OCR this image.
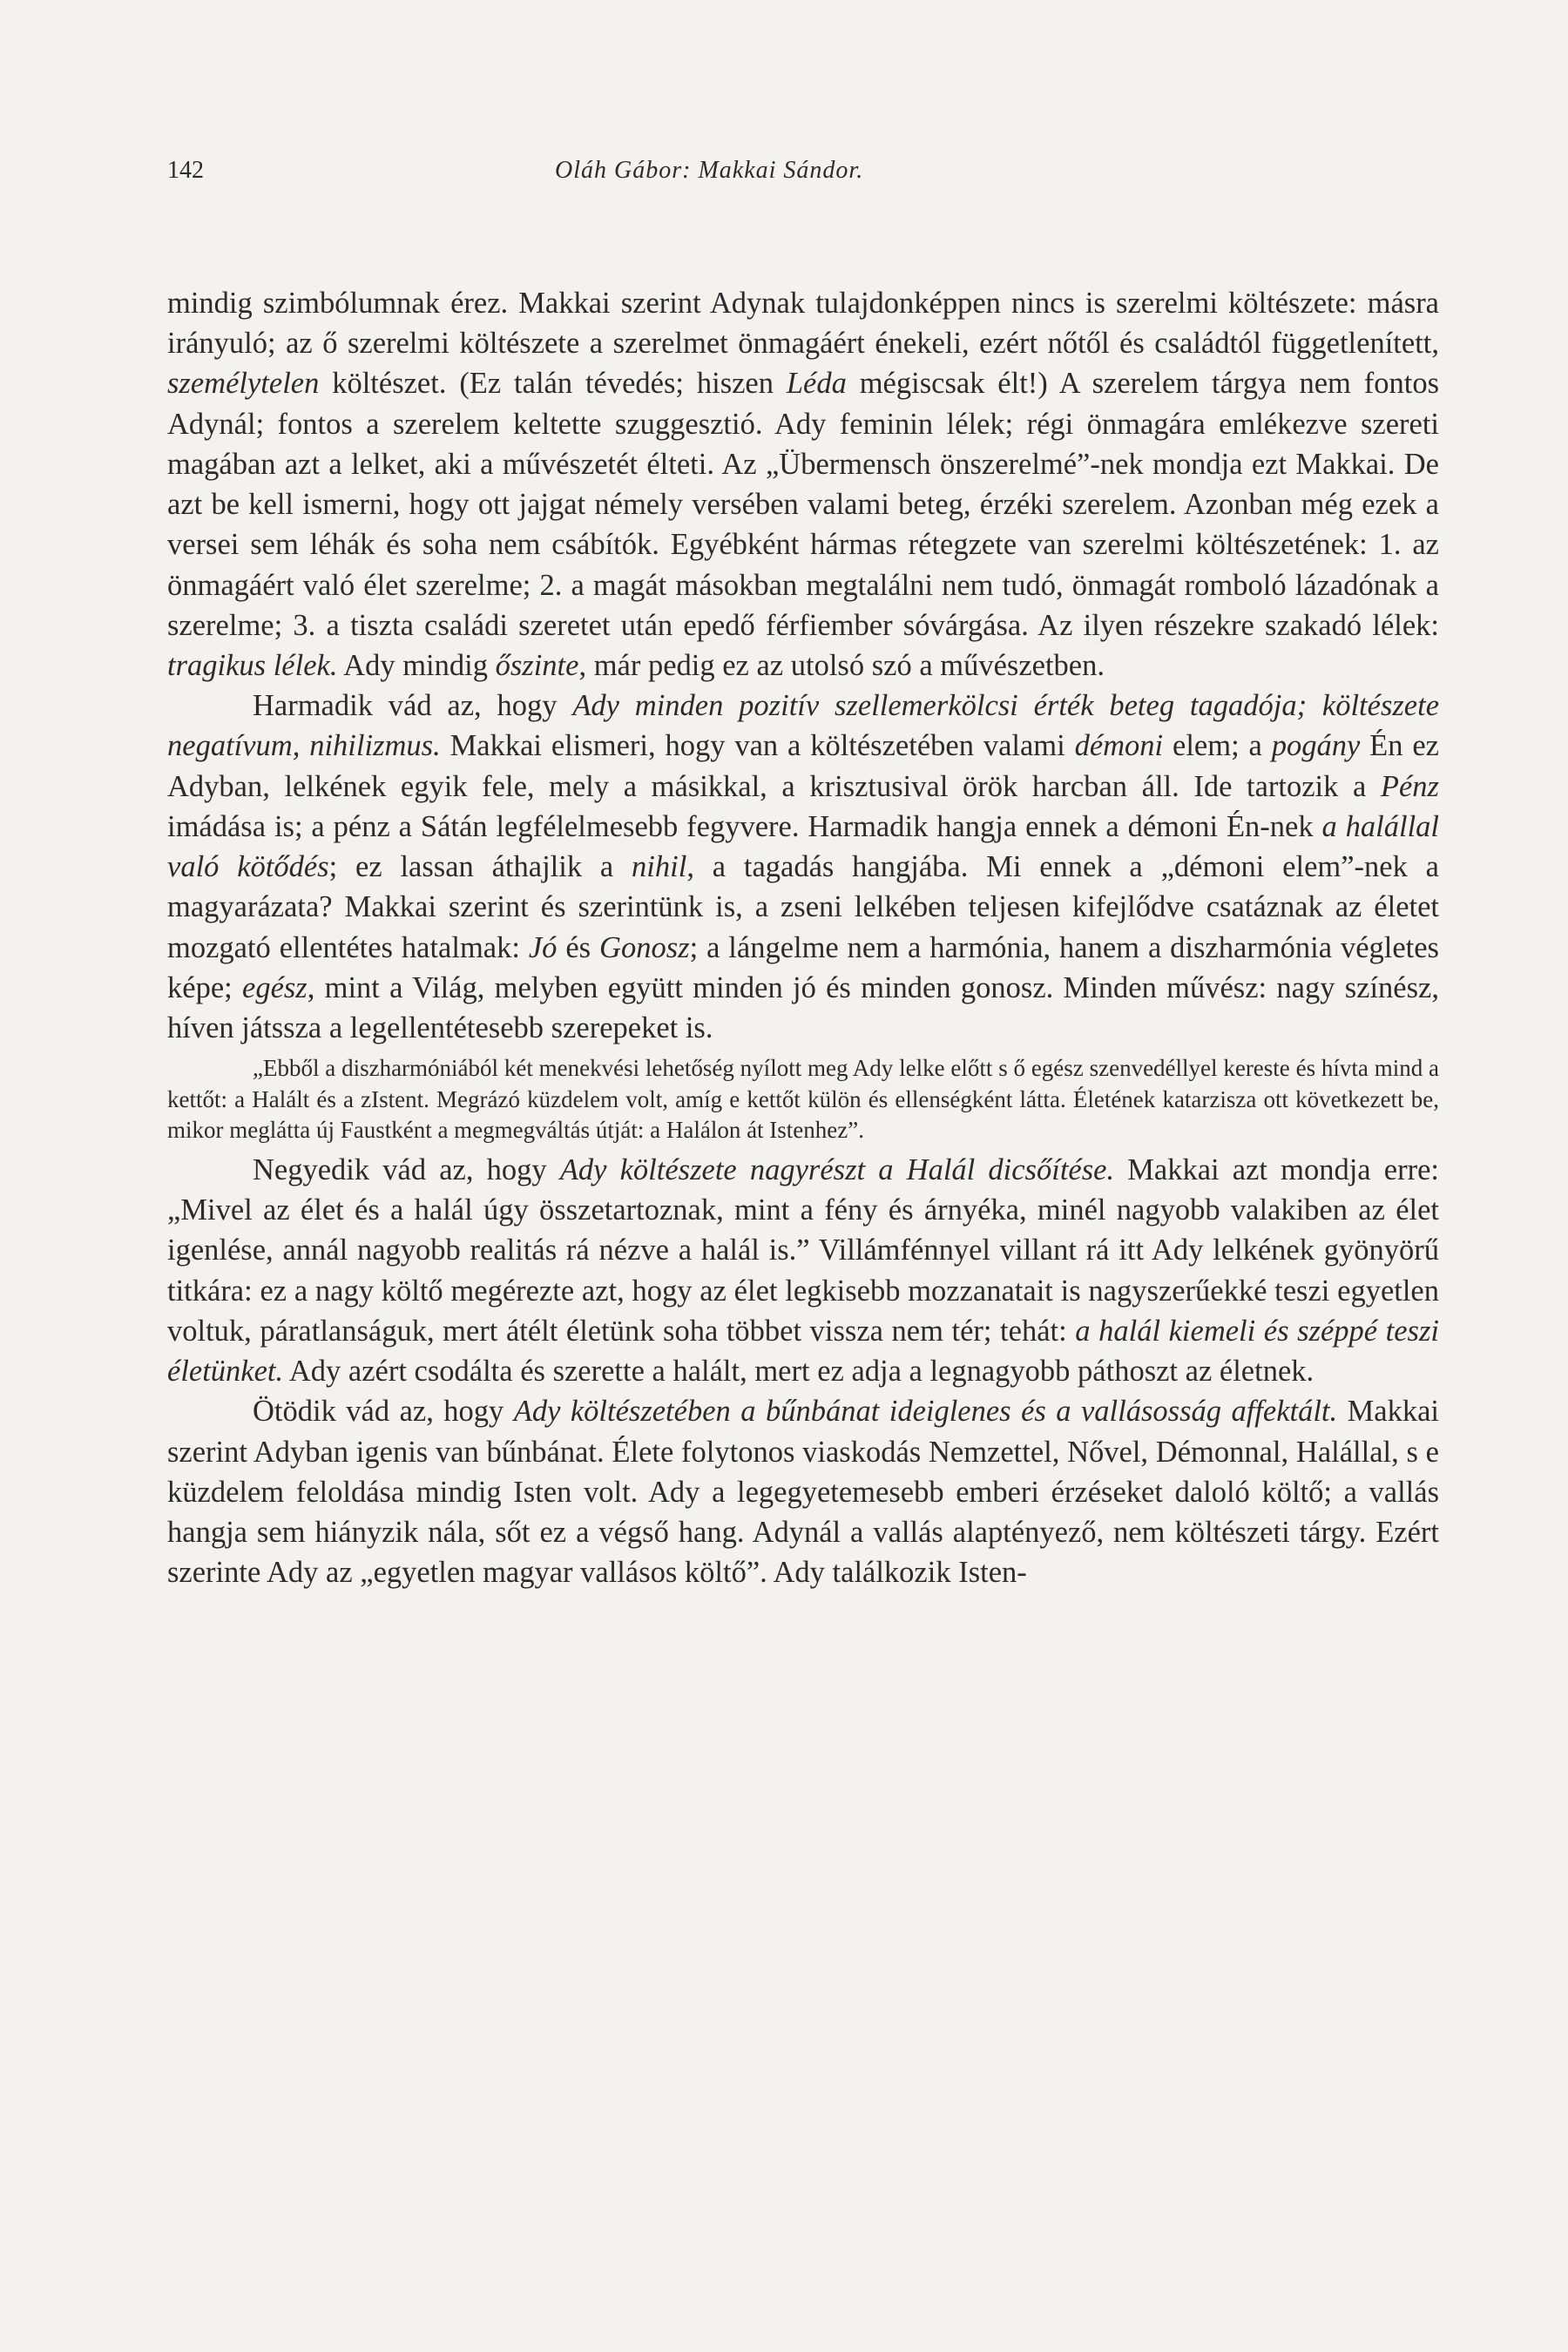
142	Oláh Gábor: Makkai Sándor.

mindig szimbólumnak érez. Makkai szerint Adynak tulajdonképpen nincs is szerelmi költészete: másra irányuló; az ő szerelmi költészete a szerelmet önmagáért énekeli, ezért nőtől és családtól függetlenített, személytelen költészet. (Ez talán tévedés; hiszen Léda mégiscsak élt!) A szerelem tárgya nem fontos Adynál; fontos a szerelem keltette szuggesztió. Ady feminin lélek; régi önmagára emlékezve szereti magában azt a lelket, aki a művészetét élteti. Az „Übermensch önszerelmé”-nek mondja ezt Makkai. De azt be kell ismerni, hogy ott jajgat némely versében valami beteg, érzéki szerelem. Azonban még ezek a versei sem léhák és soha nem csábítók. Egyébként hármas rétegzete van szerelmi költészetének: 1. az önmagáért való élet szerelme; 2. a magát másokban megtalálni nem tudó, önmagát romboló lázadónak a szerelme; 3. a tiszta családi szeretet után epedő férfiember sóvárgása. Az ilyen részekre szakadó lélek: tragikus lélek. Ady mindig őszinte, már pedig ez az utolsó szó a művészetben.

Harmadik vád az, hogy Ady minden pozitív szellemerkölcsi érték beteg tagadója; költészete negatívum, nihilizmus. Makkai elismeri, hogy van a költészetében valami démoni elem; a pogány Én ez Adyban, lelkének egyik fele, mely a másikkal, a krisztusival örök harcban áll. Ide tartozik a Pénz imádása is; a pénz a Sátán legfélelmesebb fegyvere. Harmadik hangja ennek a démoni Én-nek a halállal való kötődés; ez lassan áthajlik a nihil, a tagadás hangjába. Mi ennek a „démoni elem”-nek a magyarázata? Makkai szerint és szerintünk is, a zseni lelkében teljesen kifejlődve csatáznak az életet mozgató ellentétes hatalmak: Jó és Gonosz; a lángelme nem a harmónia, hanem a diszharmónia végletes képe; egész, mint a Világ, melyben együtt minden jó és minden gonosz. Minden művész: nagy színész, híven játssza a legellentétesebb szerepeket is.

„Ebből a diszharmóniából két menekvési lehetőség nyílott meg Ady lelke előtt s ő egész szenvedéllyel kereste és hívta mind a kettőt: a Halált és a zIstent. Megrázó küzdelem volt, amíg e kettőt külön és ellenségként látta. Életének katarzisza ott következett be, mikor meglátta új Faustként a megmegváltás útját: a Halálon át Istenhez”.

Negyedik vád az, hogy Ady költészete nagyrészt a Halál dicsőítése. Makkai azt mondja erre: „Mivel az élet és a halál úgy összetartoznak, mint a fény és árnyéka, minél nagyobb valakiben az élet igenlése, annál nagyobb realitás rá nézve a halál is.” Villámfénnyel villant rá itt Ady lelkének gyönyörű titkára: ez a nagy költő megérezte azt, hogy az élet legkisebb mozzanatait is nagyszerűekké teszi egyetlen voltuk, páratlanságuk, mert átélt életünk soha többet vissza nem tér; tehát: a halál kiemeli és széppé teszi életünket. Ady azért csodálta és szerette a halált, mert ez adja a legnagyobb páthoszt az életnek.

Ötödik vád az, hogy Ady költészetében a bűnbánat ideiglenes és a vallásosság affektált. Makkai szerint Adyban igenis van bűnbánat. Élete folytonos viaskodás Nemzettel, Nővel, Démonnal, Halállal, s e küzdelem feloldása mindig Isten volt. Ady a legegyetemesebb emberi érzéseket daloló költő; a vallás hangja sem hiányzik nála, sőt ez a végső hang. Adynál a vallás alaptényező, nem költészeti tárgy. Ezért szerinte Ady az „egyetlen magyar vallásos költő”. Ady találkozik Isten-
